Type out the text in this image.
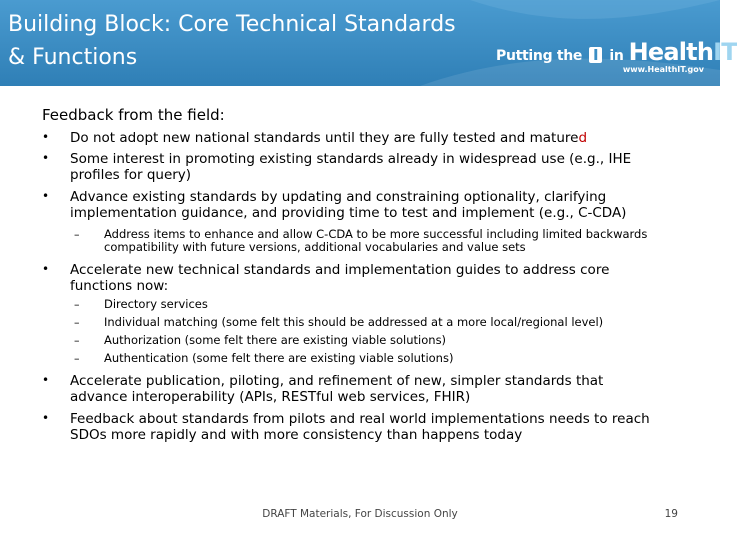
Building Block: Core Technical Standards
& Functions	Putting the I in HealthIT
www.HealthIT.gov
Feedback from the field:
•	Do not adopt new national standards until they are fully tested and matured
•	Some interest in promoting existing standards already in widespread use (e.g., IHE profiles for query)
•	Advance existing standards by updating and constraining optionality, clarifying implementation guidance, and providing time to test and implement (e.g., C-CDA)
– Address items to enhance and allow C-CDA to be more successful including limited backwards compatibility with future versions, additional vocabularies and value sets
•	Accelerate new technical standards and implementation guides to address core functions now:
– Directory services
– Individual matching (some felt this should be addressed at a more local/regional level)
– Authorization (some felt there are existing viable solutions)
– Authentication (some felt there are existing viable solutions)
•	Accelerate publication, piloting, and refinement of new, simpler standards that advance interoperability (APIs, RESTful web services, FHIR)
•	Feedback about standards from pilots and real world implementations needs to reach SDOs more rapidly and with more consistency than happens today
DRAFT Materials, For Discussion Only	19
